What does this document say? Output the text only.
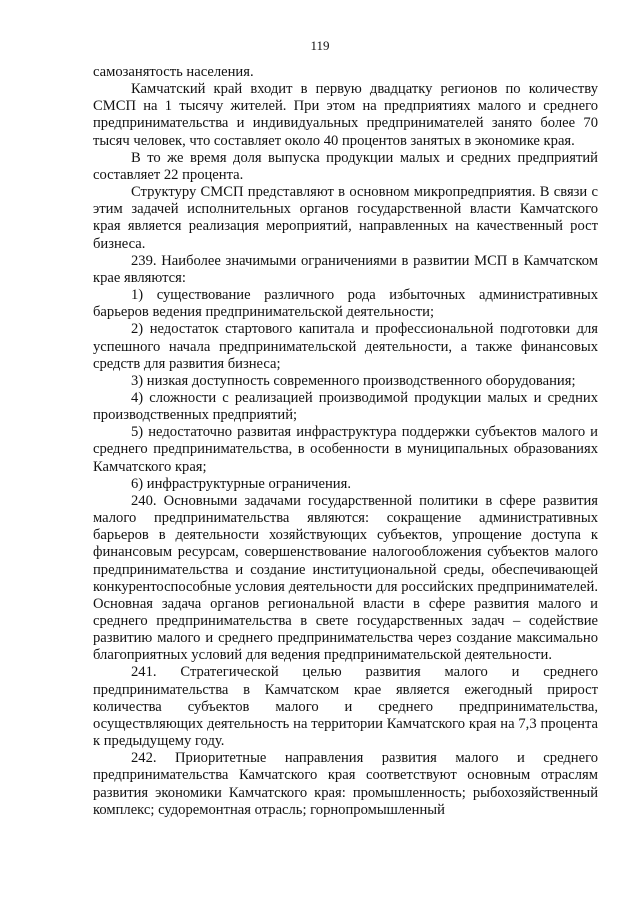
119

самозанятость населения.

Камчатский край входит в первую двадцатку регионов по количеству СМСП на 1 тысячу жителей. При этом на предприятиях малого и среднего предпринимательства и индивидуальных предпринимателей занято более 70 тысяч человек, что составляет около 40 процентов занятых в экономике края.

В то же время доля выпуска продукции малых и средних предприятий составляет 22 процента.

Структуру СМСП представляют в основном микропредприятия. В связи с этим задачей исполнительных органов государственной власти Камчатского края является реализация мероприятий, направленных на качественный рост бизнеса.

239. Наиболее значимыми ограничениями в развитии МСП в Камчатском крае являются:

1) существование различного рода избыточных административных барьеров ведения предпринимательской деятельности;

2) недостаток стартового капитала и профессиональной подготовки для успешного начала предпринимательской деятельности, а также финансовых средств для развития бизнеса;

3) низкая доступность современного производственного оборудования;

4) сложности с реализацией производимой продукции малых и средних производственных предприятий;

5) недостаточно развитая инфраструктура поддержки субъектов малого и среднего предпринимательства, в особенности в муниципальных образованиях Камчатского края;

6) инфраструктурные ограничения.

240. Основными задачами государственной политики в сфере развития малого предпринимательства являются: сокращение административных барьеров в деятельности хозяйствующих субъектов, упрощение доступа к финансовым ресурсам, совершенствование налогообложения субъектов малого предпринимательства и создание институциональной среды, обеспечивающей конкурентоспособные условия деятельности для российских предпринимателей. Основная задача органов региональной власти в сфере развития малого и среднего предпринимательства в свете государственных задач – содействие развитию малого и среднего предпринимательства через создание максимально благоприятных условий для ведения предпринимательской деятельности.

241. Стратегической целью развития малого и среднего предпринимательства в Камчатском крае является ежегодный прирост количества субъектов малого и среднего предпринимательства, осуществляющих деятельность на территории Камчатского края на 7,3 процента к предыдущему году.

242. Приоритетные направления развития малого и среднего предпринимательства Камчатского края соответствуют основным отраслям развития экономики Камчатского края: промышленность; рыбохозяйственный комплекс; судоремонтная отрасль; горнопромышленный
